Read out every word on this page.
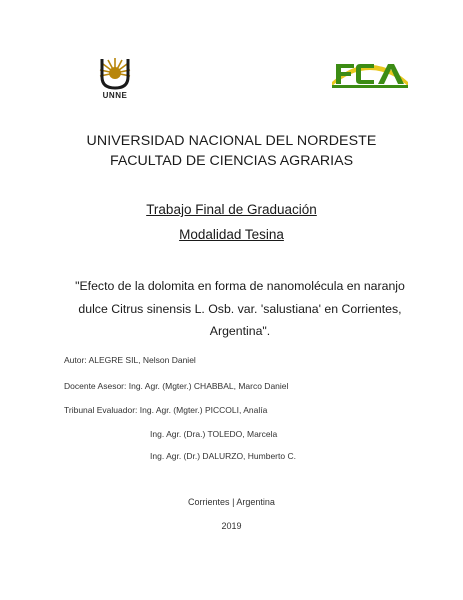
UNNE
UNIVERSIDAD NACIONAL DEL NORDESTE
FACULTAD DE CIENCIAS AGRARIAS
Trabajo Final de Graduación
Modalidad Tesina
"Efecto de la dolomita en forma de nanomolécula en naranjo
dulce Citrus sinensis L. Osb. var. 'salustiana' en Corrientes,
Argentina".
Autor: ALEGRE SIL, Nelson Daniel
Docente Asesor: Ing. Agr. (Mgter.) CHABBAL, Marco Daniel
Tribunal Evaluador: Ing. Agr. (Mgter.) PICCOLI, Analía
Ing. Agr. (Dra.) TOLEDO, Marcela
Ing. Agr. (Dr.) DALURZO, Humberto C.
Corrientes | Argentina
2019
